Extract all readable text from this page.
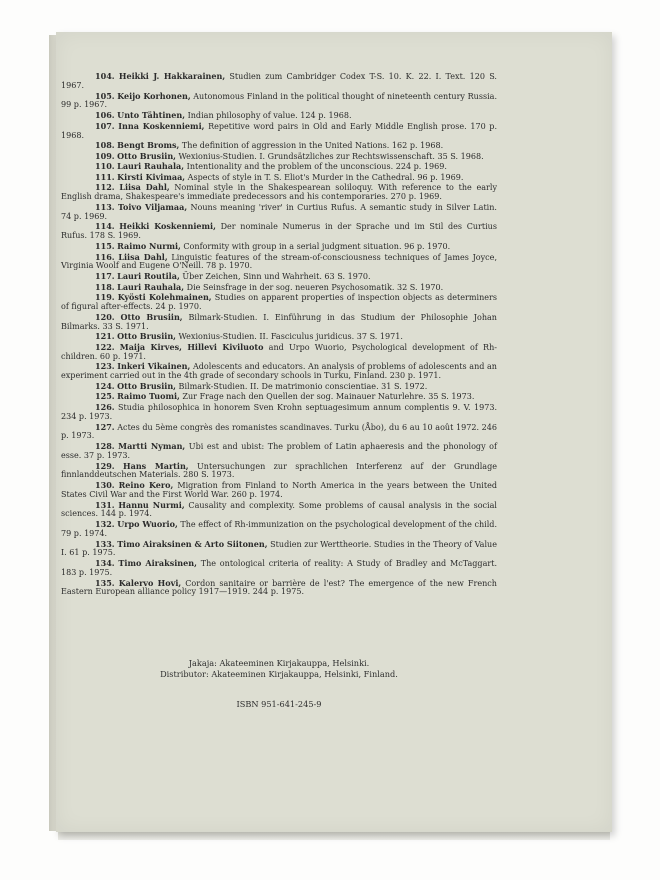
104. Heikki J. Hakkarainen, Studien zum Cambridger Codex T-S. 10. K. 22. I. Text. 120 S. 1967.
105. Keijo Korhonen, Autonomous Finland in the political thought of nineteenth century Russia. 99 p. 1967.
106. Unto Tähtinen, Indian philosophy of value. 124 p. 1968.
107. Inna Koskenniemi, Repetitive word pairs in Old and Early Middle English prose. 170 p. 1968.
108. Bengt Broms, The definition of aggression in the United Nations. 162 p. 1968.
109. Otto Brusiin, Wexionius-Studien. I. Grundsätzliches zur Rechtswissenschaft. 35 S. 1968.
110. Lauri Rauhala, Intentionality and the problem of the unconscious. 224 p. 1969.
111. Kirsti Kivimaa, Aspects of style in T. S. Eliot's Murder in the Cathedral. 96 p. 1969.
112. Liisa Dahl, Nominal style in the Shakespearean soliloquy. With reference to the early English drama, Shakespeare's immediate predecessors and his contemporaries. 270 p. 1969.
113. Toivo Viljamaa, Nouns meaning 'river' in Curtius Rufus. A semantic study in Silver Latin. 74 p. 1969.
114. Heikki Koskenniemi, Der nominale Numerus in der Sprache und im Stil des Curtius Rufus. 178 S. 1969.
115. Raimo Nurmi, Conformity with group in a serial judgment situation. 96 p. 1970.
116. Liisa Dahl, Linguistic features of the stream-of-consciousness techniques of James Joyce, Virginia Woolf and Eugene O'Neill. 78 p. 1970.
117. Lauri Routila, Über Zeichen, Sinn und Wahrheit. 63 S. 1970.
118. Lauri Rauhala, Die Seinsfrage in der sog. neueren Psychosomatik. 32 S. 1970.
119. Kyösti Kolehmainen, Studies on apparent properties of inspection objects as determiners of figural after-effects. 24 p. 1970.
120. Otto Brusiin, Bilmark-Studien. I. Einführung in das Studium der Philosophie Johan Bilmarks. 33 S. 1971.
121. Otto Brusiin, Wexionius-Studien. II. Fasciculus juridicus. 37 S. 1971.
122. Maija Kirves, Hillevi Kiviluoto and Urpo Wuorio, Psychological development of Rh-children. 60 p. 1971.
123. Inkeri Vikainen, Adolescents and educators. An analysis of problems of adolescents and an experiment carried out in the 4th grade of secondary schools in Turku, Finland. 230 p. 1971.
124. Otto Brusiin, Bilmark-Studien. II. De matrimonio conscientiae. 31 S. 1972.
125. Raimo Tuomi, Zur Frage nach den Quellen der sog. Mainauer Naturlehre. 35 S. 1973.
126. Studia philosophica in honorem Sven Krohn septuagesimum annum complentis 9. V. 1973. 234 p. 1973.
127. Actes du 5ème congrès des romanistes scandinaves. Turku (Åbo), du 6 au 10 août 1972. 246 p. 1973.
128. Martti Nyman, Ubi est and ubist: The problem of Latin aphaeresis and the phonology of esse. 37 p. 1973.
129. Hans Martin, Untersuchungen zur sprachlichen Interferenz auf der Grundlage finnlanddeutschen Materials. 280 S. 1973.
130. Reino Kero, Migration from Finland to North America in the years between the United States Civil War and the First World War. 260 p. 1974.
131. Hannu Nurmi, Causality and complexity. Some problems of causal analysis in the social sciences. 144 p. 1974.
132. Urpo Wuorio, The effect of Rh-immunization on the psychological development of the child. 79 p. 1974.
133. Timo Airaksinen & Arto Siitonen, Studien zur Werttheorie. Studies in the Theory of Value I. 61 p. 1975.
134. Timo Airaksinen, The ontological criteria of reality: A Study of Bradley and McTaggart. 183 p. 1975.
135. Kalervo Hovi, Cordon sanitaire or barrière de l'est? The emergence of the new French Eastern European alliance policy 1917—1919. 244 p. 1975.
Jakaja: Akateeminen Kirjakauppa, Helsinki.
Distributor: Akateeminen Kirjakauppa, Helsinki, Finland.
ISBN 951-641-245-9
